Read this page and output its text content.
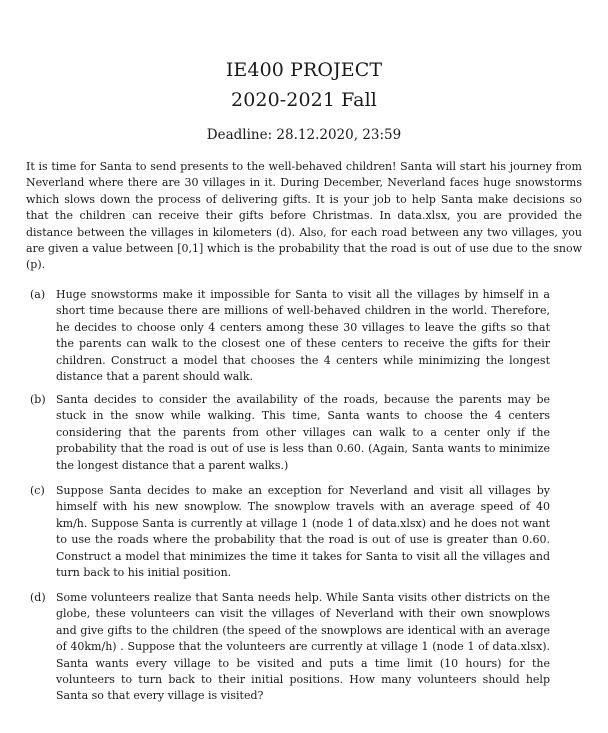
IE400 PROJECT
2020-2021 Fall
Deadline: 28.12.2020, 23:59

It is time for Santa to send presents to the well-behaved children! Santa will start his journey from Neverland where there are 30 villages in it. During December, Neverland faces huge snowstorms which slows down the process of delivering gifts. It is your job to help Santa make decisions so that the children can receive their gifts before Christmas. In data.xlsx, you are provided the distance between the villages in kilometers (d). Also, for each road between any two villages, you are given a value between [0,1] which is the probability that the road is out of use due to the snow (p).

(a) Huge snowstorms make it impossible for Santa to visit all the villages by himself in a short time because there are millions of well-behaved children in the world. Therefore, he decides to choose only 4 centers among these 30 villages to leave the gifts so that the parents can walk to the closest one of these centers to receive the gifts for their children. Construct a model that chooses the 4 centers while minimizing the longest distance that a parent should walk.

(b) Santa decides to consider the availability of the roads, because the parents may be stuck in the snow while walking. This time, Santa wants to choose the 4 centers considering that the parents from other villages can walk to a center only if the probability that the road is out of use is less than 0.60. (Again, Santa wants to minimize the longest distance that a parent walks.)

(c)	Suppose Santa decides to make an exception for Neverland and visit all villages by himself with his new snowplow. The snowplow travels with an average speed of 40 km/h. Suppose Santa is currently at village 1 (node 1 of data.xlsx) and he does not want to use the roads where the probability that the road is out of use is greater than 0.60. Construct a model that minimizes the time it takes for Santa to visit all the villages and turn back to his initial position.

(d) Some volunteers realize that Santa needs help. While Santa visits other districts on the globe, these volunteers can visit the villages of Neverland with their own snowplows and give gifts to the children (the speed of the snowplows are identical with an average of 40km/h) . Suppose that the volunteers are currently at village 1 (node 1 of data.xlsx). Santa wants every village to be visited and puts a time limit (10 hours) for the volunteers to turn back to their initial positions. How many volunteers should help Santa so that every village is visited?
